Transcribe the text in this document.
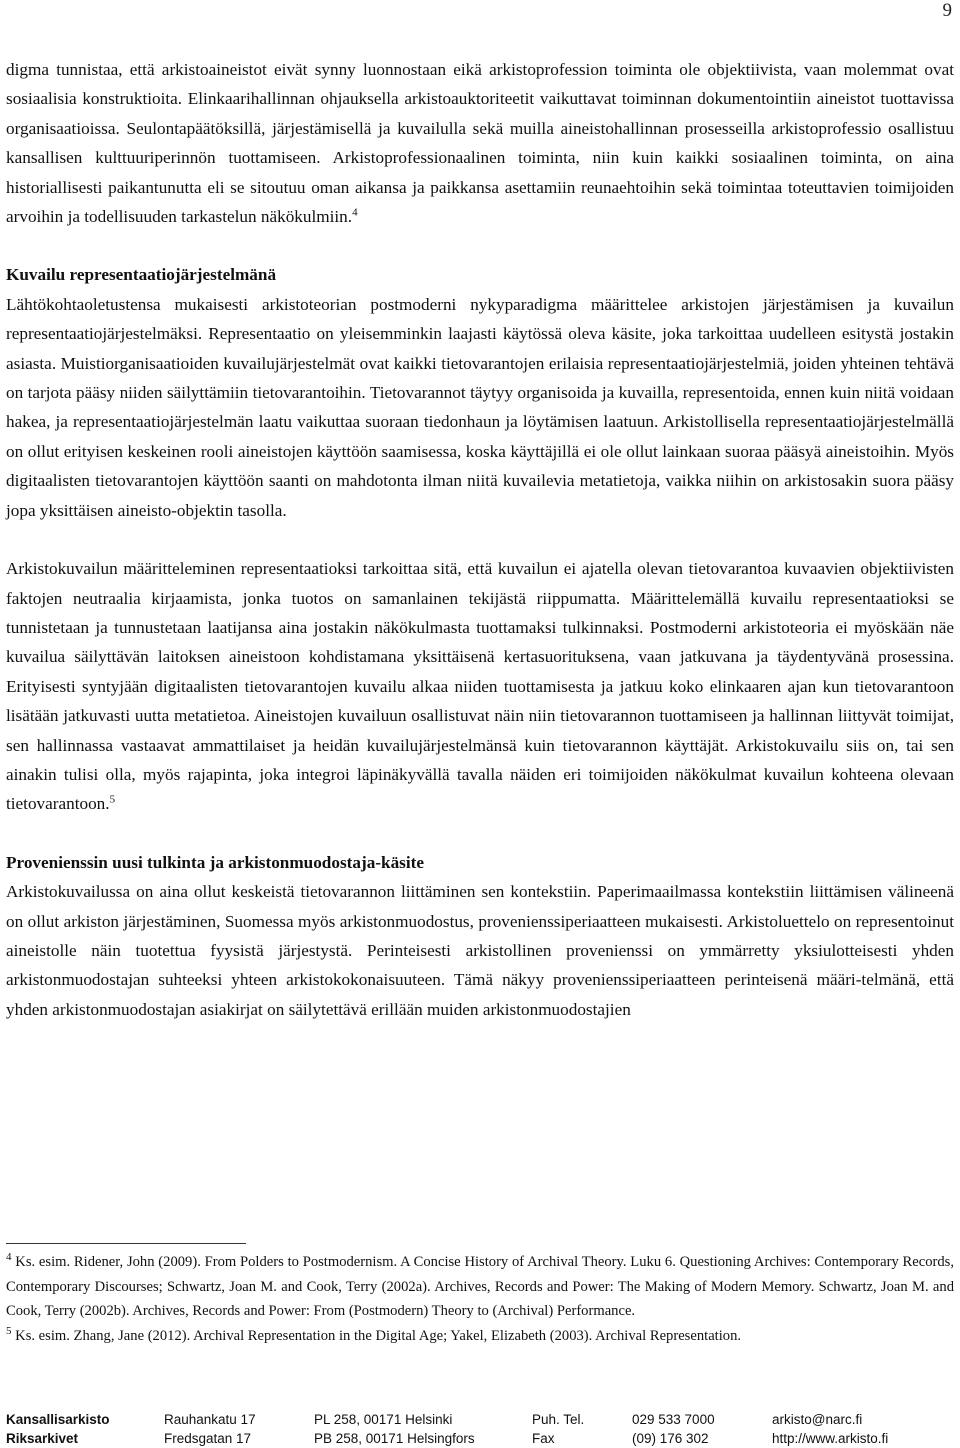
9

digma tunnistaa, että arkistoaineistot eivät synny luonnostaan eikä arkistoprofession toiminta ole objektiivista, vaan molemmat ovat sosiaalisia konstruktioita. Elinkaarihallinnan ohjauksella arkistoauktoriteetit vaikuttavat toiminnan dokumentointiin aineistot tuottavissa organisaatioissa. Seulontapäätöksillä, järjestämisellä ja kuvailulla sekä muilla aineistohallinnan prosesseilla arkistoprofessio osallistuu kansallisen kulttuuriperinnön tuottamiseen. Arkistoprofessionaalinen toiminta, niin kuin kaikki sosiaalinen toiminta, on aina historiallisesti paikantunutta eli se sitoutuu oman aikansa ja paikkansa asettamiin reunaehtoihin sekä toimintaa toteuttavien toimijoiden arvoihin ja todellisuuden tarkastelun näkökulmiin.$^4$

Kuvailu representaatiojärjestelmänä

Lähtökohtaoletustensa mukaisesti arkistoteorian postmoderni nykyparadigma määrittelee arkistojen järjestämisen ja kuvailun representaatiojärjestelmäksi. Representaatio on yleisemminkin laajasti käytössä oleva käsite, joka tarkoittaa uudelleen esitystä jostakin asiasta. Muistiorganisaatioiden kuvailujärjestelmät ovat kaikki tietovarantojen erilaisia representaatiojärjestelmiä, joiden yhteinen tehtävä on tarjota pääsy niiden säilyttämiin tietovarantoihin. Tietovarannot täytyy organisoida ja kuvailla, representoida, ennen kuin niitä voidaan hakea, ja representaatiojärjestelmän laatu vaikuttaa suoraan tiedonhaun ja löytämisen laatuun. Arkistollisella representaatiojärjestelmällä on ollut erityisen keskeinen rooli aineistojen käyttöön saamisessa, koska käyttäjillä ei ole ollut lainkaan suoraa pääsyä aineistoihin. Myös digitaalisten tietovarantojen käyttöön saanti on mahdotonta ilman niitä kuvailevia metatietoja, vaikka niihin on arkistosakin suora pääsy jopa yksittäisen aineisto-objektin tasolla.

Arkistokuvailun määritteleminen representaatioksi tarkoittaa sitä, että kuvailun ei ajatella olevan tietovarantoa kuvaavien objektiivisten faktojen neutraalia kirjaamista, jonka tuotos on samanlainen tekijästä riippumatta. Määrittelemällä kuvailu representaatioksi se tunnistetaan ja tunnustetaan laatijansa aina jostakin näkökulmasta tuottamaksi tulkinnaksi. Postmoderni arkistoteoria ei myöskään näe kuvailua säilyttävän laitoksen aineistoon kohdistamana yksittäisenä kertasuorituksena, vaan jatkuvana ja täydentyvänä prosessina. Erityisesti syntyjään digitaalisten tietovarantojen kuvailu alkaa niiden tuottamisesta ja jatkuu koko elinkaaren ajan kun tietovarantoon lisätään jatkuvasti uutta metatietoa. Aineistojen kuvailuun osallistuvat näin niin tietovarannon tuottamiseen ja hallinnan liittyvät toimijat, sen hallinnassa vastaavat ammattilaiset ja heidän kuvailujärjestelmänsä kuin tietovarannon käyttäjät. Arkistokuvailu siis on, tai sen ainakin tulisi olla, myös rajapinta, joka integroi läpinäkyvällä tavalla näiden eri toimijoiden näkökulmat kuvailun kohteena olevaan tietovarantoon.$^5$

Provenienssin uusi tulkinta ja arkistonmuodostaja-käsite

Arkistokuvailussa on aina ollut keskeistä tietovarannon liittäminen sen kontekstiin. Paperimaailmassa kontekstiin liittämisen välineenä on ollut arkiston järjestäminen, Suomessa myös arkistonmuodostus, provenienssiperiaatteen mukaisesti. Arkistoluettelo on representoinut aineistolle näin tuotettua fyysistä järjestystä. Perinteisesti arkistollinen provenienssi on ymmärretty yksiulotteisesti yhden arkistonmuodostajan suhteeksi yhteen arkistokokonaisuuteen. Tämä näkyy provenienssiperiaatteen perinteisenä määri-telmänä, että yhden arkistonmuodostajan asiakirjat on säilytettävä erillään muiden arkistonmuodostajien

$^4$ Ks. esim. Ridener, John (2009). From Polders to Postmodernism. A Concise History of Archival Theory. Luku 6. Questioning Archives: Contemporary Records, Contemporary Discourses; Schwartz, Joan M. and Cook, Terry (2002a). Archives, Records and Power: The Making of Modern Memory. Schwartz, Joan M. and Cook, Terry (2002b). Archives, Records and Power: From (Postmodern) Theory to (Archival) Performance.

$^5$ Ks. esim. Zhang, Jane (2012). Archival Representation in the Digital Age; Yakel, Elizabeth (2003). Archival Representation.

Kansallisarkisto	Rauhankatu 17	PL 258, 00171 Helsinki	Puh. Tel.	029 533 7000	arkisto@narc.fi
Riksarkivet	Fredsgatan 17	PB 258, 00171 Helsingfors	Fax	(09) 176 302	http://www.arkisto.fi
